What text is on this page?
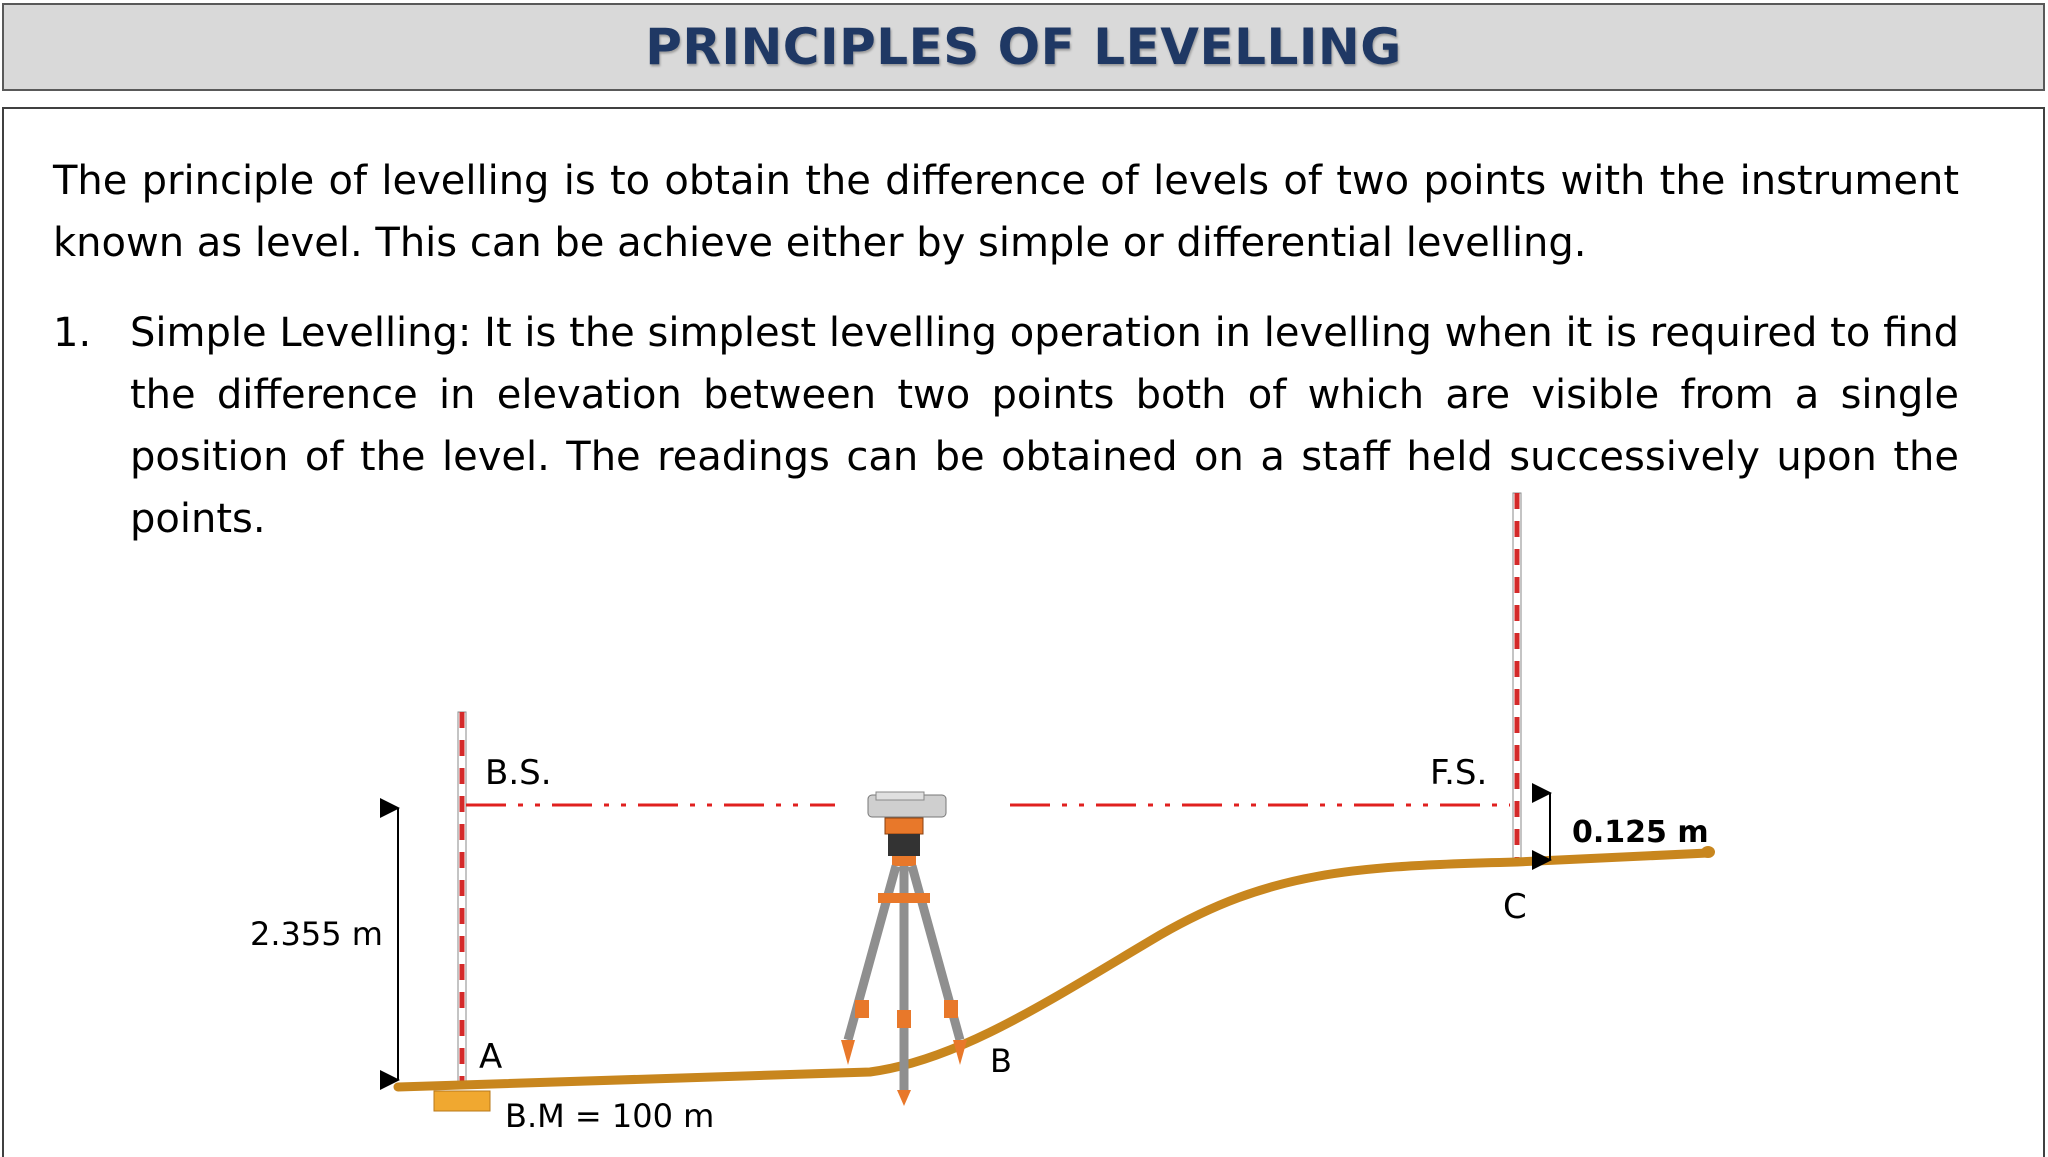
PRINCIPLES OF LEVELLING
The principle of levelling is to obtain the difference of levels of two points with the instrument known as level. This can be achieve either by simple or differential levelling.
1. Simple Levelling: It is the simplest levelling operation in levelling when it is required to find the difference in elevation between two points both of which are visible from a single position of the level. The readings can be obtained on a staff held successively upon the points.
B.S.	F.S.
2.355 m
0.125 m
A	B
C
B.M = 100 m
